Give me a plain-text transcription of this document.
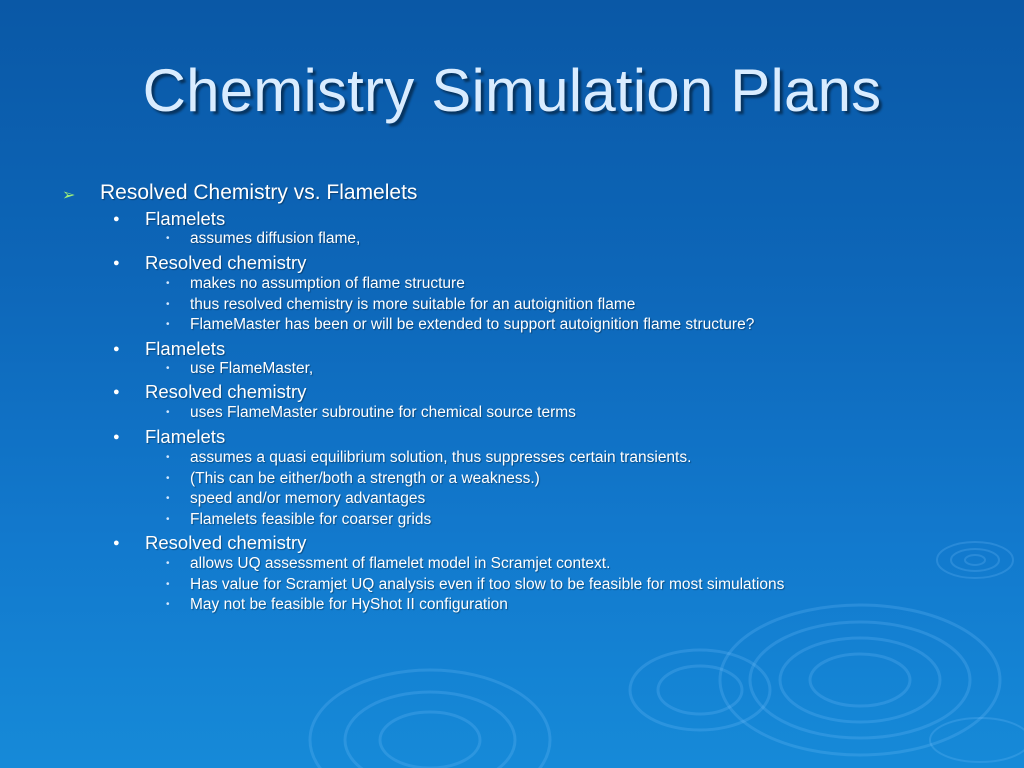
Chemistry Simulation Plans
➢ Resolved Chemistry vs. Flamelets
● Flamelets
• assumes diffusion flame,
● Resolved chemistry
• makes no assumption of flame structure
• thus resolved chemistry is more suitable for an autoignition flame
• FlameMaster has been or will be extended to support autoignition flame structure?
● Flamelets
• use FlameMaster,
● Resolved chemistry
• uses FlameMaster subroutine for chemical source terms
● Flamelets
• assumes a quasi equilibrium solution, thus suppresses certain transients.
• (This can be either/both a strength or a weakness.)
• speed and/or memory advantages
• Flamelets feasible for coarser grids
● Resolved chemistry
• allows UQ assessment of flamelet model in Scramjet context.
• Has value for Scramjet UQ analysis even if too slow to be feasible for most simulations
• May not be feasible for HyShot II configuration
